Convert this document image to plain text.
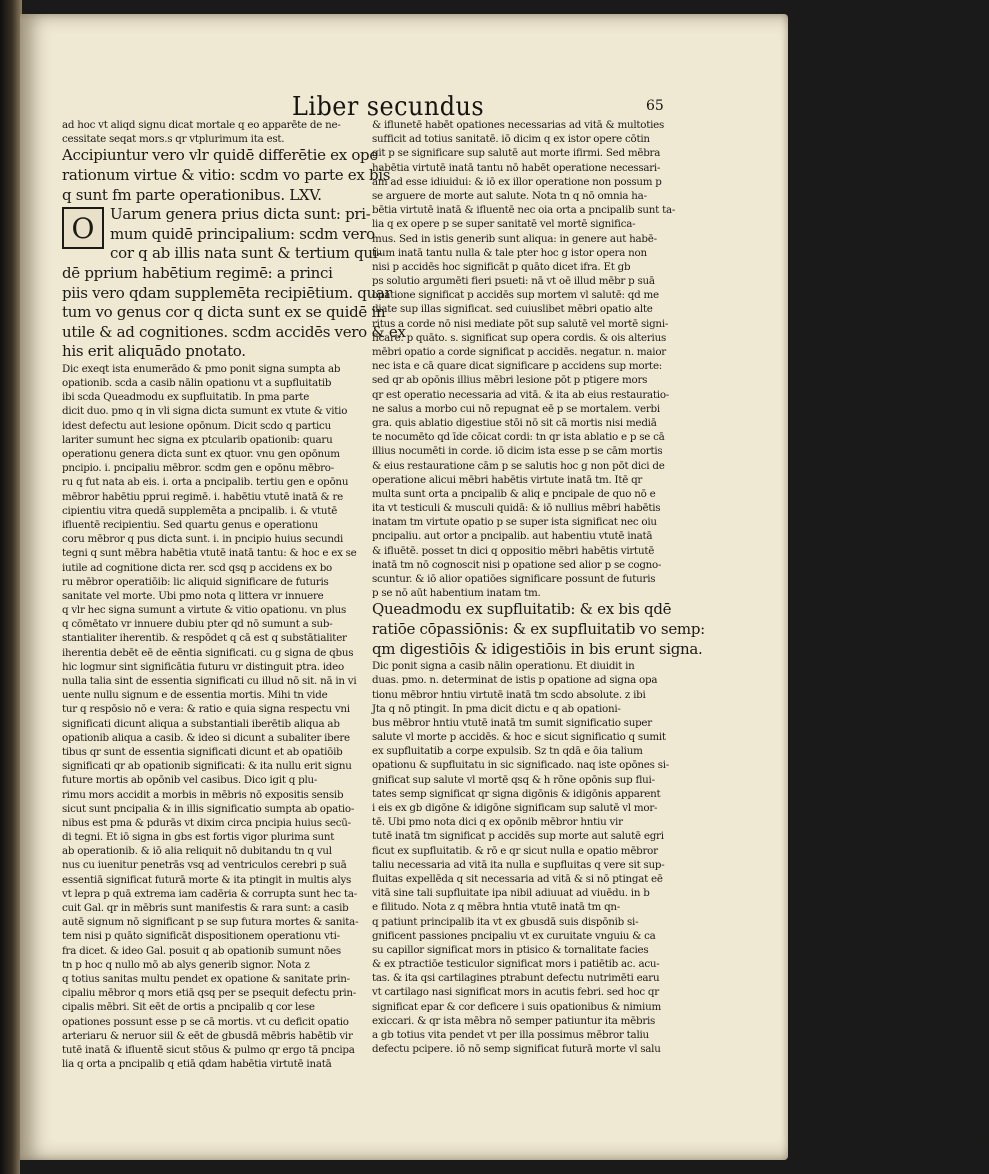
Liber secundus	65

ad hoc vt aliqd signu dicat mortale q eo apparēte de ne-

cessitate seqat mors.s qr vtplurimum ita est.

Accipiuntur vero vlr quidē differētie ex ope

rationum virtue & vitio: scdm vo parte ex bis

q sunt fm parte operationibus. LXV.

O	Uarum genera prius dicta sunt: pri-

mum quidē principalium: scdm vero

cor q ab illis nata sunt & tertium qui-

dē pprium habētium regimē: a princi

piis vero qdam supplemēta recipiētium. quar

tum vo genus cor q dicta sunt ex se quidē in

utile & ad cognitiones. scdm accidēs vero & ex

his erit aliquādo pnotato.

Dic exeqt ista enumerādo & pmo ponit signa sumpta ab

opationib. scda a casib nālin opationu vt a supfluitatib

ibi scda Queadmodu ex supfluitatib. In pma parte

dicit duo. pmo q in vli signa dicta sumunt ex vtute & vitio

idest defectu aut lesione opōnum. Dicit scdo q particu

lariter sumunt hec signa ex ptcularib opationib: quaru

operationu genera dicta sunt ex qtuor. vnu gen opōnum

pncipio. i. pncipaliu mēbror. scdm gen e opōnu mēbro-

ru q fut nata ab eis. i. orta a pncipalib. tertiu gen e opōnu

mēbror habētiu pprui regimē. i. habētiu vtutē inatā & re

cipientiu vitra quedā supplemēta a pncipalib. i. & vtutē

ifluentē recipientiu. Sed quartu genus e operationu

coru mēbror q pus dicta sunt. i. in pncipio huius secundi

tegni q sunt mēbra habētia vtutē inatā tantu: & hoc e ex se

iutile ad cognitione dicta rer. scd qsq p accidens ex bo

ru mēbror operatiōib: lic aliquid significare de futuris

sanitate vel morte. Ubi pmo nota q littera vr innuere

q vlr hec signa sumunt a virtute & vitio opationu. vn plus

q cōmētato vr innuere dubiu pter qd nō sumunt a sub-

stantialiter iherentib. & respōdet q cā est q substātialiter

iherentia debēt eē de eēntia significati. cu g signa de qbus

hic logmur sint significātia futuru vr distinguit ptra. ideo

nulla talia sint de essentia significati cu illud nō sit. nā in vi

uente nullu signum e de essentia mortis. Mihi tn vide

tur q respōsio nō e vera: & ratio e quia signa respectu vni

significati dicunt aliqua a substantiali iberētib aliqua ab

opationib aliqua a casib. & ideo si dicunt a subaliter ibere

tibus qr sunt de essentia significati dicunt et ab opatiōib

significati qr ab opationib significati: & ita nullu erit signu

future mortis ab opōnib vel casibus. Dico igit q plu-

rimu mors accidit a morbis in mēbris nō expositis sensib

sicut sunt pncipalia & in illis significatio sumpta ab opatio-

nibus est pma & pdurās vt dixim circa pncipia huius secū-

di tegni. Et iō signa in gbs est fortis vigor plurima sunt

ab operationib. & iō alia reliquit nō dubitandu tn q vul

nus cu iuenitur penetrās vsq ad ventriculos cerebri p suā

essentiā significat futurā morte & ita ptingit in multis alys

vt lepra p quā extrema iam cadēria & corrupta sunt hec ta-

cuit Gal. qr in mēbris sunt manifestis & rara sunt: a casib

autē signum nō significant p se sup futura mortes & sanita-

tem nisi p quāto significāt dispositionem operationu vti-

fra dicet. & ideo Gal. posuit q ab opationib sumunt nōes

tn p hoc q nullo mō ab alys generib signor. Nota z

q totius sanitas multu pendet ex opatione & sanitate prin-

cipaliu mēbror q mors etiā qsq per se psequit defectu prin-

cipalis mēbri. Sit eēt de ortis a pncipalib q cor lese

opationes possunt esse p se cā mortis. vt cu deficit opatio

arteriaru & neruor siil & eēt de gbusdā mēbris habētib vir

tutē inatā & ifluentē sicut stōus & pulmo qr ergo tā pncipa

lia q orta a pncipalib q etiā qdam habētia virtutē inatā

& iflunetē habēt opationes necessarias ad vitā & multoties

sufficit ad totius sanitatē. iō dicim q ex istor opere cōtin

git p se significare sup salutē aut morte ifirmi. Sed mēbra

habētia virtutē inatā tantu nō habēt operatione necessari-

am ad esse idiuidui: & iō ex illor operatione non possum p

se arguere de morte aut salute. Nota tn q nō omnia ha-

bētia virtutē inatā & ifluentē nec oia orta a pncipalib sunt ta-

lia q ex opere p se super sanitatē vel mortē significa-

mus. Sed in istis generib sunt aliqua: in genere aut habē-

tium inatā tantu nulla & tale pter hoc g istor opera non

nisi p accidēs hoc significāt p quāto dicet ifra. Et gb

ps solutio argumēti fieri psueti: nā vt oē illud mēbr p suā

opatione significat p accidēs sup mortem vl salutē: qd me

diate sup illas significat. sed cuiuslibet mēbri opatio alte

ritus a corde nō nisi mediate pōt sup salutē vel mortē signi-

ficare. p quāto. s. significat sup opera cordis. & ois alterius

mēbri opatio a corde significat p accidēs. negatur. n. maior

nec ista e cā quare dicat significare p accidens sup morte:

sed qr ab opōnis illius mēbri lesione pōt p ptigere mors

qr est operatio necessaria ad vitā. & ita ab eius restauratio-

ne salus a morbo cui nō repugnat eē p se mortalem. verbi

gra. quis ablatio digestiue stōi nō sit cā mortis nisi mediā

te nocumēto qd īde cōicat cordi: tn qr ista ablatio e p se cā

illius nocumēti in corde. iō dicim ista esse p se cām mortis

& eius restauratione cām p se salutis hoc g non pōt dici de

operatione alicui mēbri habētis virtute inatā tm. Itē qr

multa sunt orta a pncipalib & aliq e pncipale de quo nō e

ita vt testiculi & musculi quidā: & iō nullius mēbri habētis

inatam tm virtute opatio p se super ista significat nec oiu

pncipaliu. aut ortor a pncipalib. aut habentiu vtutē inatā

& ifluētē. posset tn dici q oppositio mēbri habētis virtutē

inatā tm nō cognoscit nisi p opatione sed alior p se cogno-

scuntur. & iō alior opatiōes significare possunt de futuris

p se nō aūt habentium inatam tm.

Queadmodu ex supfluitatib: & ex bis qdē

ratiōe cōpassiōnis: & ex supfluitatib vo semp:

qm digestiōis & idigestiōis in bis erunt signa.

Dic ponit signa a casib nālin operationu. Et diuidit in

duas. pmo. n. determinat de istis p opatione ad signa opa

tionu mēbror hntiu virtutē inatā tm scdo absolute. z ibi

Jta q nō ptingit. In pma dicit dictu e q ab opationi-

bus mēbror hntiu vtutē inatā tm sumit significatio super

salute vl morte p accidēs. & hoc e sicut significatio q sumit

ex supfluitatib a corpe expulsib. Sz tn qdā e ōia talium

opationu & supfluitatu in sic significado. naq iste opōnes si-

gnificat sup salute vl mortē qsq & h rōne opōnis sup flui-

tates semp significat qr signa digōnis & idigōnis apparent

i eis ex gb digōne & idigōne significam sup salutē vl mor-

tē. Ubi pmo nota dici q ex opōnib mēbror hntiu vir

tutē inatā tm significat p accidēs sup morte aut salutē egri

ficut ex supfluitatib. & rō e qr sicut nulla e opatio mēbror

taliu necessaria ad vitā ita nulla e supfluitas q vere sit sup-

fluitas expellēda q sit necessaria ad vitā & si nō ptingat eē

vitā sine tali supfluitate ipa nibil adiuuat ad viuēdu. in b

e filitudo. Nota z q mēbra hntia vtutē inatā tm qn-

q patiunt principalib ita vt ex gbusdā suis dispōnib si-

gnificent passiones pncipaliu vt ex curuitate vnguiu & ca

su capillor significat mors in ptisico & tornalitate facies

& ex ptractiōe testiculor significat mors i patiētib ac. acu-

tas. & ita qsi cartilagines ptrabunt defectu nutrimēti earu

vt cartilago nasi significat mors in acutis febri. sed hoc qr

significat epar & cor deficere i suis opationibus & nimium

exiccari. & qr ista mēbra nō semper patiuntur ita mēbris

a gb totius vita pendet vt per illa possimus mēbror taliu

defectu pcipere. iō nō semp significat futurā morte vl salu

I
